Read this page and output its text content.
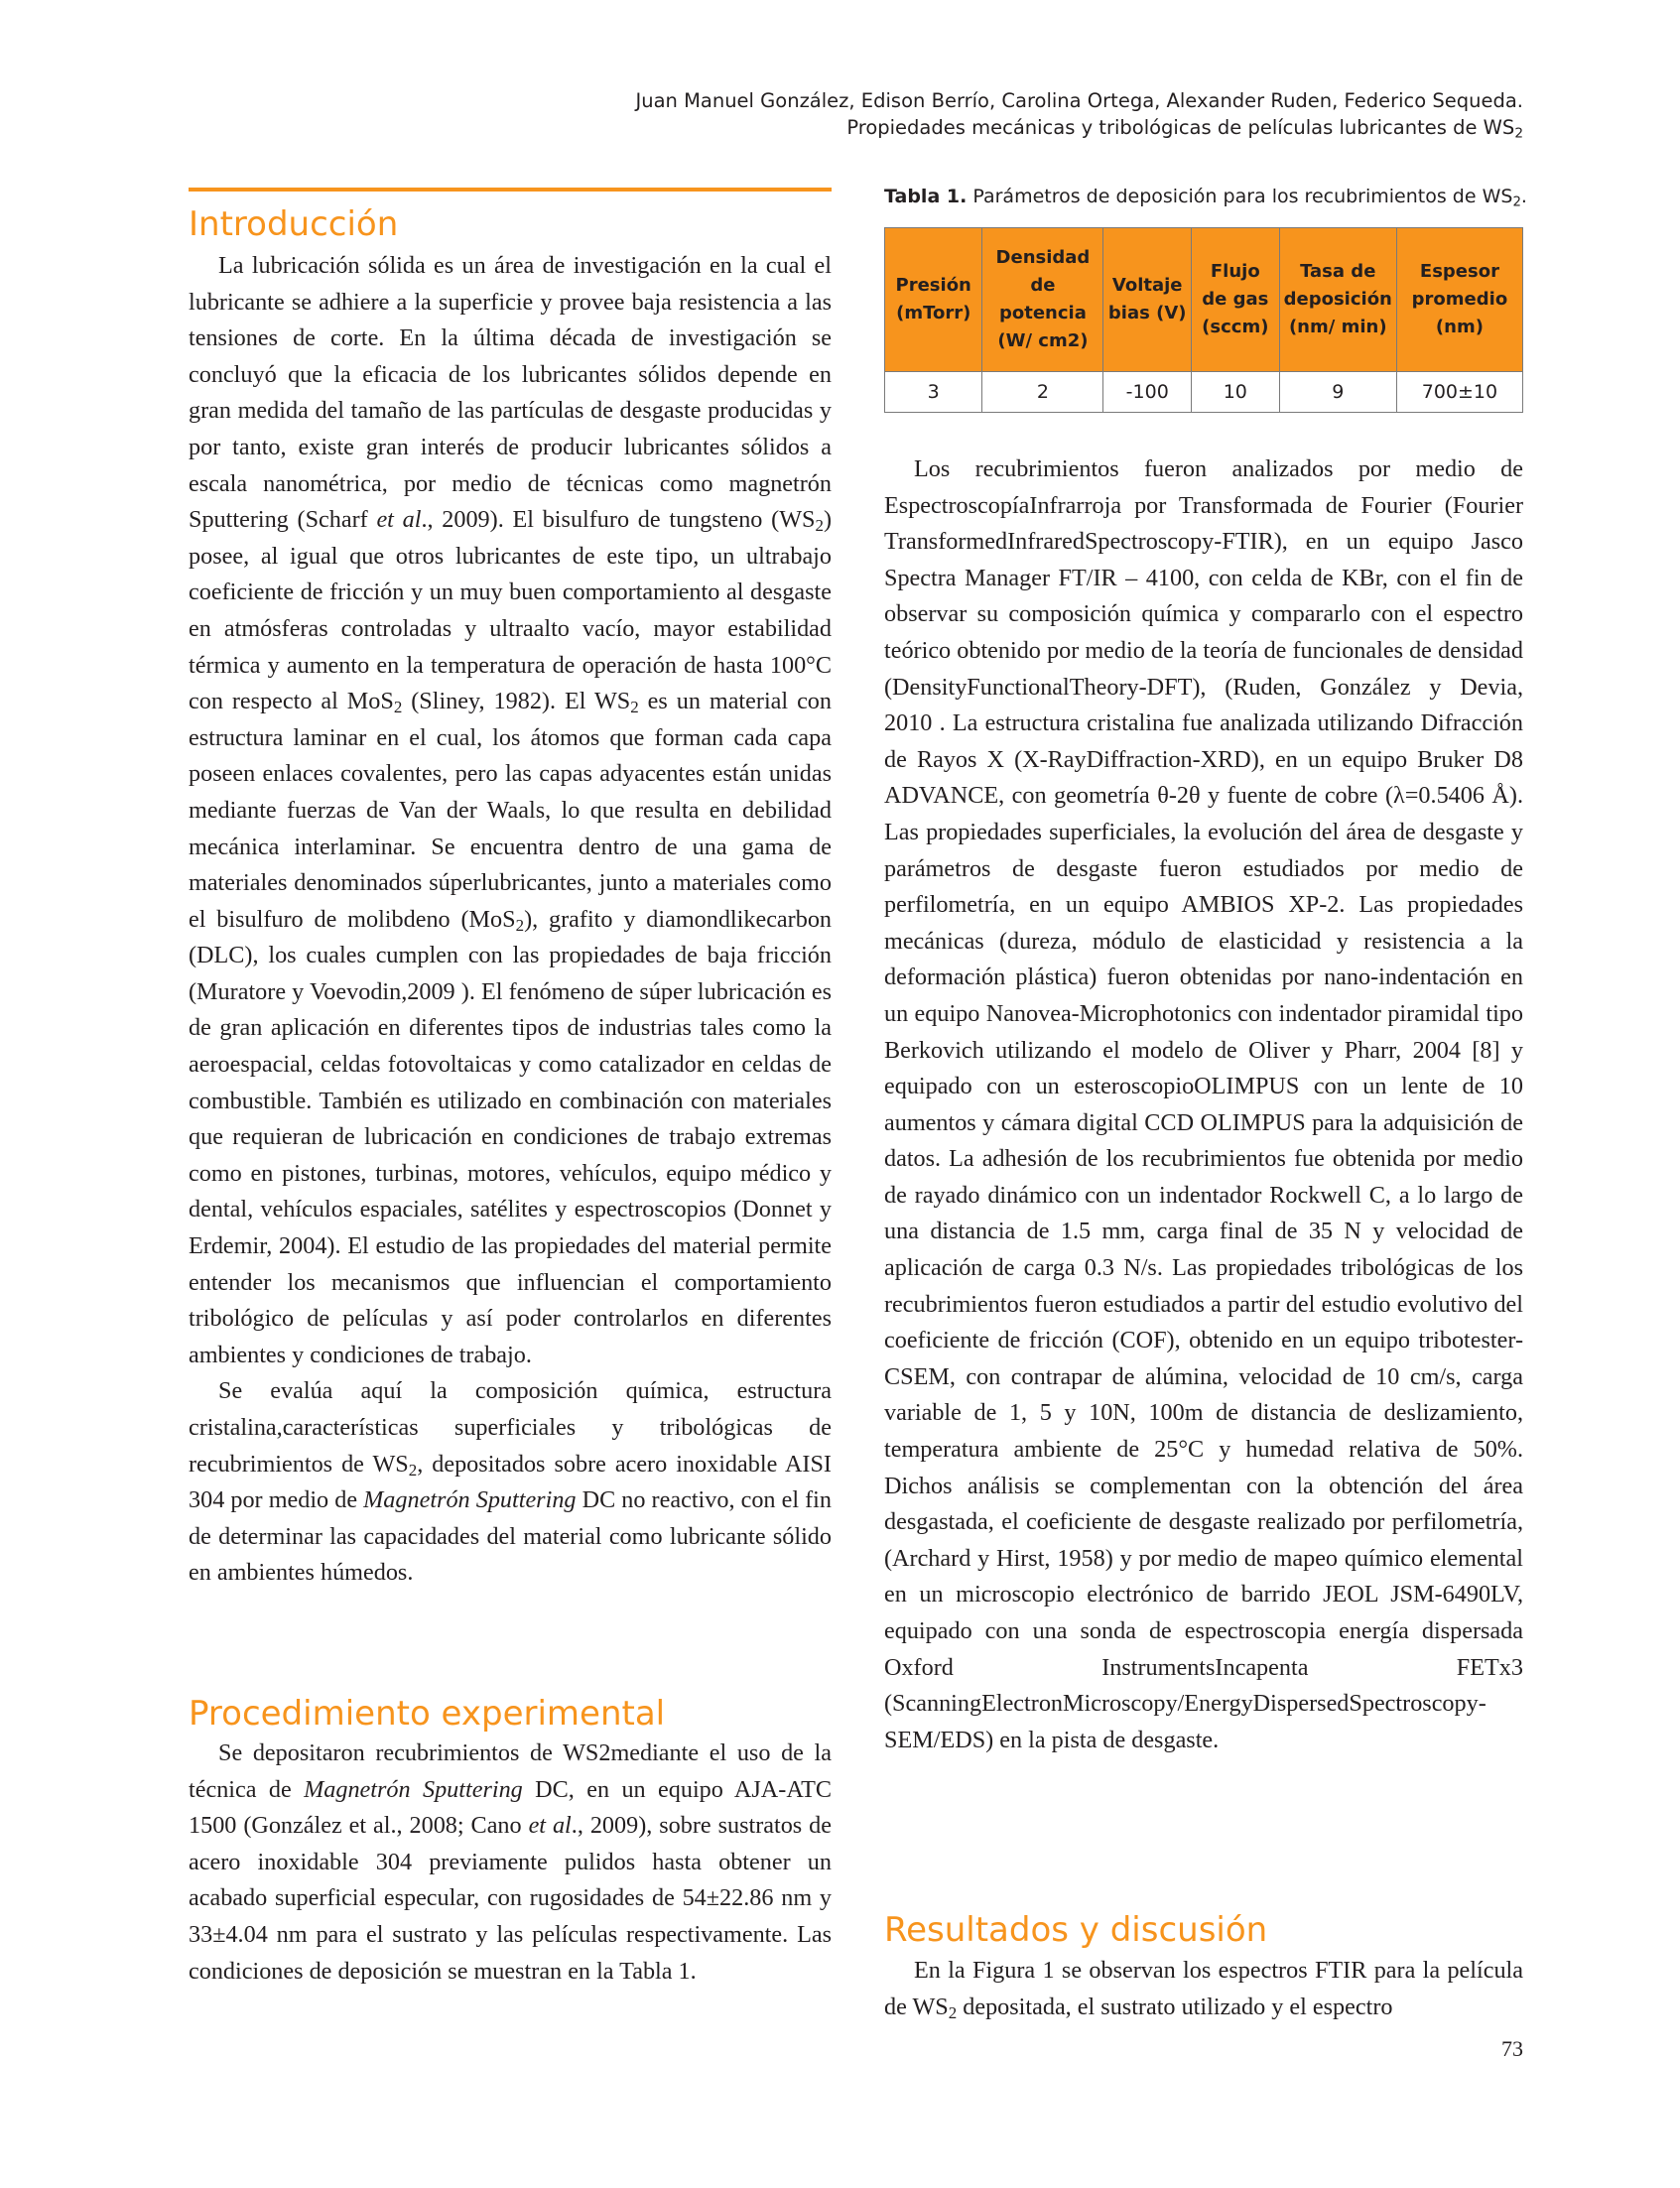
Juan Manuel González, Edison Berrío, Carolina Ortega, Alexander Ruden, Federico Sequeda.
Propiedades mecánicas y tribológicas de películas lubricantes de $WS_2$
Introducción

La lubricación sólida es un área de investigación en la cual el lubricante se adhiere a la superficie y provee baja resistencia a las tensiones de corte. En la última década de investigación se concluyó que la eficacia de los lubricantes sólidos depende en gran medida del tamaño de las partículas de desgaste producidas y por tanto, existe gran interés de producir lubricantes sólidos a escala nanométrica, por medio de técnicas como magnetrón Sputtering (Scharf et al., 2009). El bisulfuro de tungsteno $(WS_2)$ posee, al igual que otros lubricantes de este tipo, un ultrabajo coeficiente de fricción y un muy buen comportamiento al desgaste en atmósferas controladas y ultraalto vacío, mayor estabilidad térmica y aumento en la temperatura de operación de hasta 100°C con respecto al MoS$_2$ (Sliney, 1982). El $WS_2$ es un material con estructura laminar en el cual, los átomos que forman cada capa poseen enlaces covalentes, pero las capas adyacentes están unidas mediante fuerzas de Van der Waals, lo que resulta en debilidad mecánica interlaminar. Se encuentra dentro de una gama de materiales denominados súperlubricantes, junto a materiales como el bisulfuro de molibdeno (MoS$_2$), grafito y diamondlikecarbon (DLC), los cuales cumplen con las propiedades de baja fricción (Muratore y Voevodin,2009 ). El fenómeno de súper lubricación es de gran aplicación en diferentes tipos de industrias tales como la aeroespacial, celdas fotovoltaicas y como catalizador en celdas de combustible. También es utilizado en combinación con materiales que requieran de lubricación en condiciones de trabajo extremas como en pistones, turbinas, motores, vehículos, equipo médico y dental, vehículos espaciales, satélites y espectroscopios (Donnet y Erdemir, 2004). El estudio de las propiedades del material permite entender los mecanismos que influencian el comportamiento tribológico de películas y así poder controlarlos en diferentes ambientes y condiciones de trabajo.

Se evalúa aquí la composición química, estructura cristalina,características superficiales y tribológicas de recubrimientos de $WS_2$, depositados sobre acero inoxidable AISI 304 por medio de Magnetrón Sputtering DC no reactivo, con el fin de determinar las capacidades del material como lubricante sólido en ambientes húmedos.

Procedimiento experimental

Se depositaron recubrimientos de WS2mediante el uso de la técnica de Magnetrón Sputtering DC, en un equipo AJA-ATC 1500 (González et al., 2008; Cano et al., 2009), sobre sustratos de acero inoxidable 304 previamente pulidos hasta obtener un acabado superficial especular, con rugosidades de 54±22.86 nm y 33±4.04 nm para el sustrato y las películas respectivamente. Las condiciones de deposición se muestran en la Tabla 1.

Tabla 1. Parámetros de deposición para los recubrimientos de $WS_2$.
Presión (mTorr)	Densidad de potencia (W/ cm2)	Voltaje bias (V)	Flujo de gas (sccm)	Tasa de deposición (nm/ min)	Espesor promedio (nm)
3	2	-100	10	9	700±10

Los recubrimientos fueron analizados por medio de EspectroscopíaInfrarroja por Transformada de Fourier (Fourier TransformedInfraredSpectroscopy-FTIR), en un equipo Jasco Spectra Manager FT/IR – 4100, con celda de KBr, con el fin de observar su composición química y compararlo con el espectro teórico obtenido por medio de la teoría de funcionales de densidad (DensityFunctionalTheory-DFT), (Ruden, González y Devia, 2010 . La estructura cristalina fue analizada utilizando Difracción de Rayos X (X-RayDiffraction-XRD), en un equipo Bruker D8 ADVANCE, con geometría θ-2θ y fuente de cobre (λ=0.5406 Å). Las propiedades superficiales, la evolución del área de desgaste y parámetros de desgaste fueron estudiados por medio de perfilometría, en un equipo AMBIOS XP-2. Las propiedades mecánicas (dureza, módulo de elasticidad y resistencia a la deformación plástica) fueron obtenidas por nano-indentación en un equipo Nanovea-Microphotonics con indentador piramidal tipo Berkovich utilizando el modelo de Oliver y Pharr, 2004 [8] y equipado con un esteroscopioOLIMPUS con un lente de 10 aumentos y cámara digital CCD OLIMPUS para la adquisición de datos. La adhesión de los recubrimientos fue obtenida por medio de rayado dinámico con un indentador Rockwell C, a lo largo de una distancia de 1.5 mm, carga final de 35 N y velocidad de aplicación de carga 0.3 N/s. Las propiedades tribológicas de los recubrimientos fueron estudiados a partir del estudio evolutivo del coeficiente de fricción (COF), obtenido en un equipo tribotester-CSEM, con contrapar de alúmina, velocidad de 10 cm/s, carga variable de 1, 5 y 10N, 100m de distancia de deslizamiento, temperatura ambiente de 25°C y humedad relativa de 50%. Dichos análisis se complementan con la obtención del área desgastada, el coeficiente de desgaste realizado por perfilometría, (Archard y Hirst, 1958) y por medio de mapeo químico elemental en un microscopio electrónico de barrido JEOL JSM-6490LV, equipado con una sonda de espectroscopia energía dispersada Oxford InstrumentsIncapenta FETx3 (ScanningElectronMicroscopy/EnergyDispersedSpectroscopy-SEM/EDS) en la pista de desgaste.

Resultados y discusión

En la Figura 1 se observan los espectros FTIR para la película de $WS_2$ depositada, el sustrato utilizado y el espectro

73
